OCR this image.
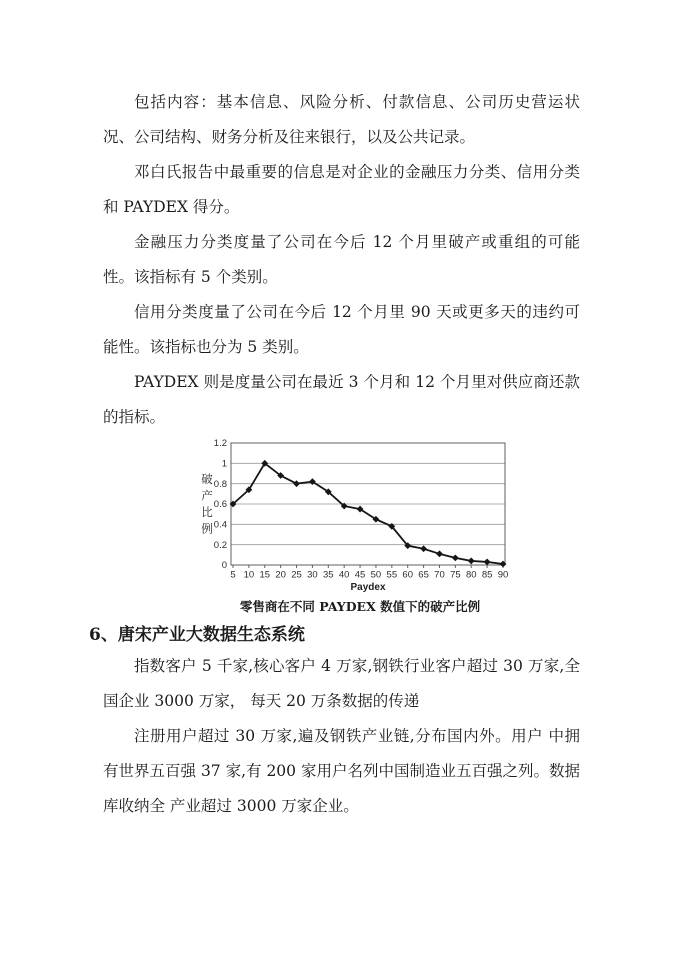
包括内容：基本信息、风险分析、付款信息、公司历史营运状况、公司结构、财务分析及往来银行，以及公共记录。

邓白氏报告中最重要的信息是对企业的金融压力分类、信用分类和 PAYDEX 得分。

金融压力分类度量了公司在今后 12 个月里破产或重组的可能性。该指标有 5 个类别。

信用分类度量了公司在今后 12 个月里 90 天或更多天的违约可能性。该指标也分为 5 类别。

PAYDEX 则是度量公司在最近 3 个月和 12 个月里对供应商还款的指标。

0
0.2
0.4
0.6
0.8
1
1.2
破
产
比
例
5 10 15 20 25 30 35 40 45 50 55 60 65 70 75 80 85 90
Paydex
零售商在不同 PAYDEX 数值下的破产比例
6、唐宋产业大数据生态系统

指数客户 5 千家,核心客户 4 万家,钢铁行业客户超过 30 万家,全国企业 3000 万家， 每天 20 万条数据的传递

注册用户超过 30 万家,遍及钢铁产业链,分布国内外。用户 中拥有世界五百强 37 家,有 200 家用户名列中国制造业五百强之列。数据库收纳全 产业超过 3000 万家企业。
